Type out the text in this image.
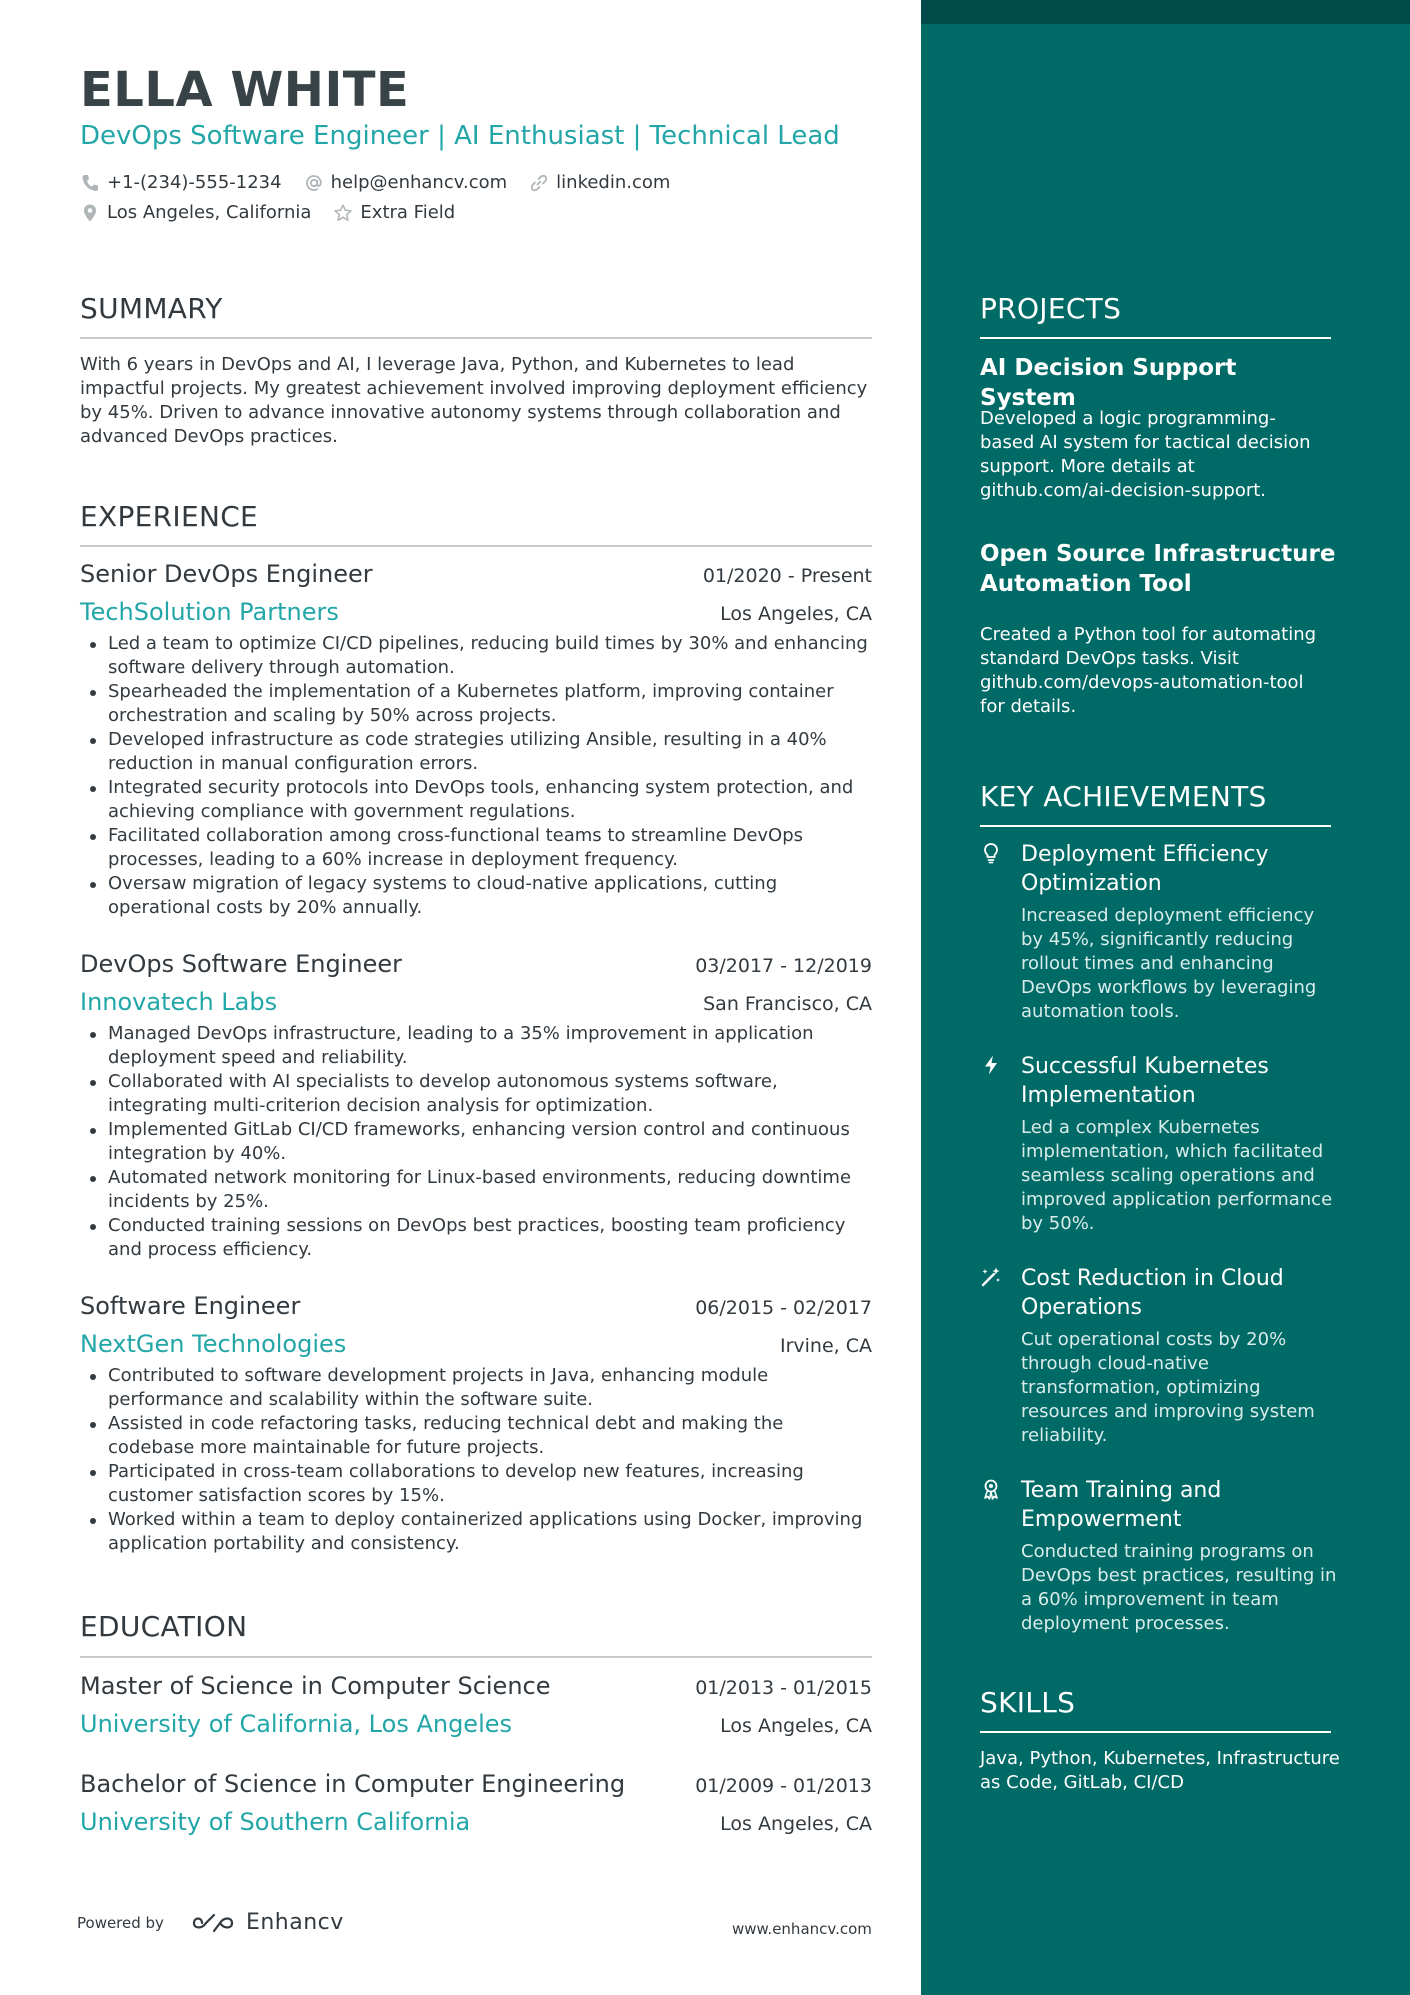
ELLA WHITE
DevOps Software Engineer | AI Enthusiast | Technical Lead
+1-(234)-555-1234	help@enhancv.com	linkedin.com
Los Angeles, California	Extra Field
SUMMARY
With 6 years in DevOps and AI, I leverage Java, Python, and Kubernetes to lead impactful projects. My greatest achievement involved improving deployment efficiency by 45%. Driven to advance innovative autonomy systems through collaboration and advanced DevOps practices.
EXPERIENCE
Senior DevOps Engineer	01/2020 - Present
TechSolution Partners	Los Angeles, CA
Led a team to optimize CI/CD pipelines, reducing build times by 30% and enhancing software delivery through automation.
Spearheaded the implementation of a Kubernetes platform, improving container orchestration and scaling by 50% across projects.
Developed infrastructure as code strategies utilizing Ansible, resulting in a 40% reduction in manual configuration errors.
Integrated security protocols into DevOps tools, enhancing system protection, and achieving compliance with government regulations.
Facilitated collaboration among cross-functional teams to streamline DevOps processes, leading to a 60% increase in deployment frequency.
Oversaw migration of legacy systems to cloud-native applications, cutting operational costs by 20% annually.
DevOps Software Engineer	03/2017 - 12/2019
Innovatech Labs	San Francisco, CA
Managed DevOps infrastructure, leading to a 35% improvement in application deployment speed and reliability.
Collaborated with AI specialists to develop autonomous systems software, integrating multi-criterion decision analysis for optimization.
Implemented GitLab CI/CD frameworks, enhancing version control and continuous integration by 40%.
Automated network monitoring for Linux-based environments, reducing downtime incidents by 25%.
Conducted training sessions on DevOps best practices, boosting team proficiency and process efficiency.
Software Engineer	06/2015 - 02/2017
NextGen Technologies	Irvine, CA
Contributed to software development projects in Java, enhancing module performance and scalability within the software suite.
Assisted in code refactoring tasks, reducing technical debt and making the codebase more maintainable for future projects.
Participated in cross-team collaborations to develop new features, increasing customer satisfaction scores by 15%.
Worked within a team to deploy containerized applications using Docker, improving application portability and consistency.
EDUCATION
Master of Science in Computer Science	01/2013 - 01/2015
University of California, Los Angeles	Los Angeles, CA
Bachelor of Science in Computer Engineering	01/2009 - 01/2013
University of Southern California	Los Angeles, CA
Powered by	Enhancv	www.enhancv.com
PROJECTS
AI Decision Support System
Developed a logic programming-based AI system for tactical decision support. More details at github.com/ai-decision-support.
Open Source Infrastructure Automation Tool
Created a Python tool for automating standard DevOps tasks. Visit github.com/devops-automation-tool for details.
KEY ACHIEVEMENTS
Deployment Efficiency Optimization
Increased deployment efficiency by 45%, significantly reducing rollout times and enhancing DevOps workflows by leveraging automation tools.
Successful Kubernetes Implementation
Led a complex Kubernetes implementation, which facilitated seamless scaling operations and improved application performance by 50%.
Cost Reduction in Cloud Operations
Cut operational costs by 20% through cloud-native transformation, optimizing resources and improving system reliability.
Team Training and Empowerment
Conducted training programs on DevOps best practices, resulting in a 60% improvement in team deployment processes.
SKILLS
Java, Python, Kubernetes, Infrastructure as Code, GitLab, CI/CD
